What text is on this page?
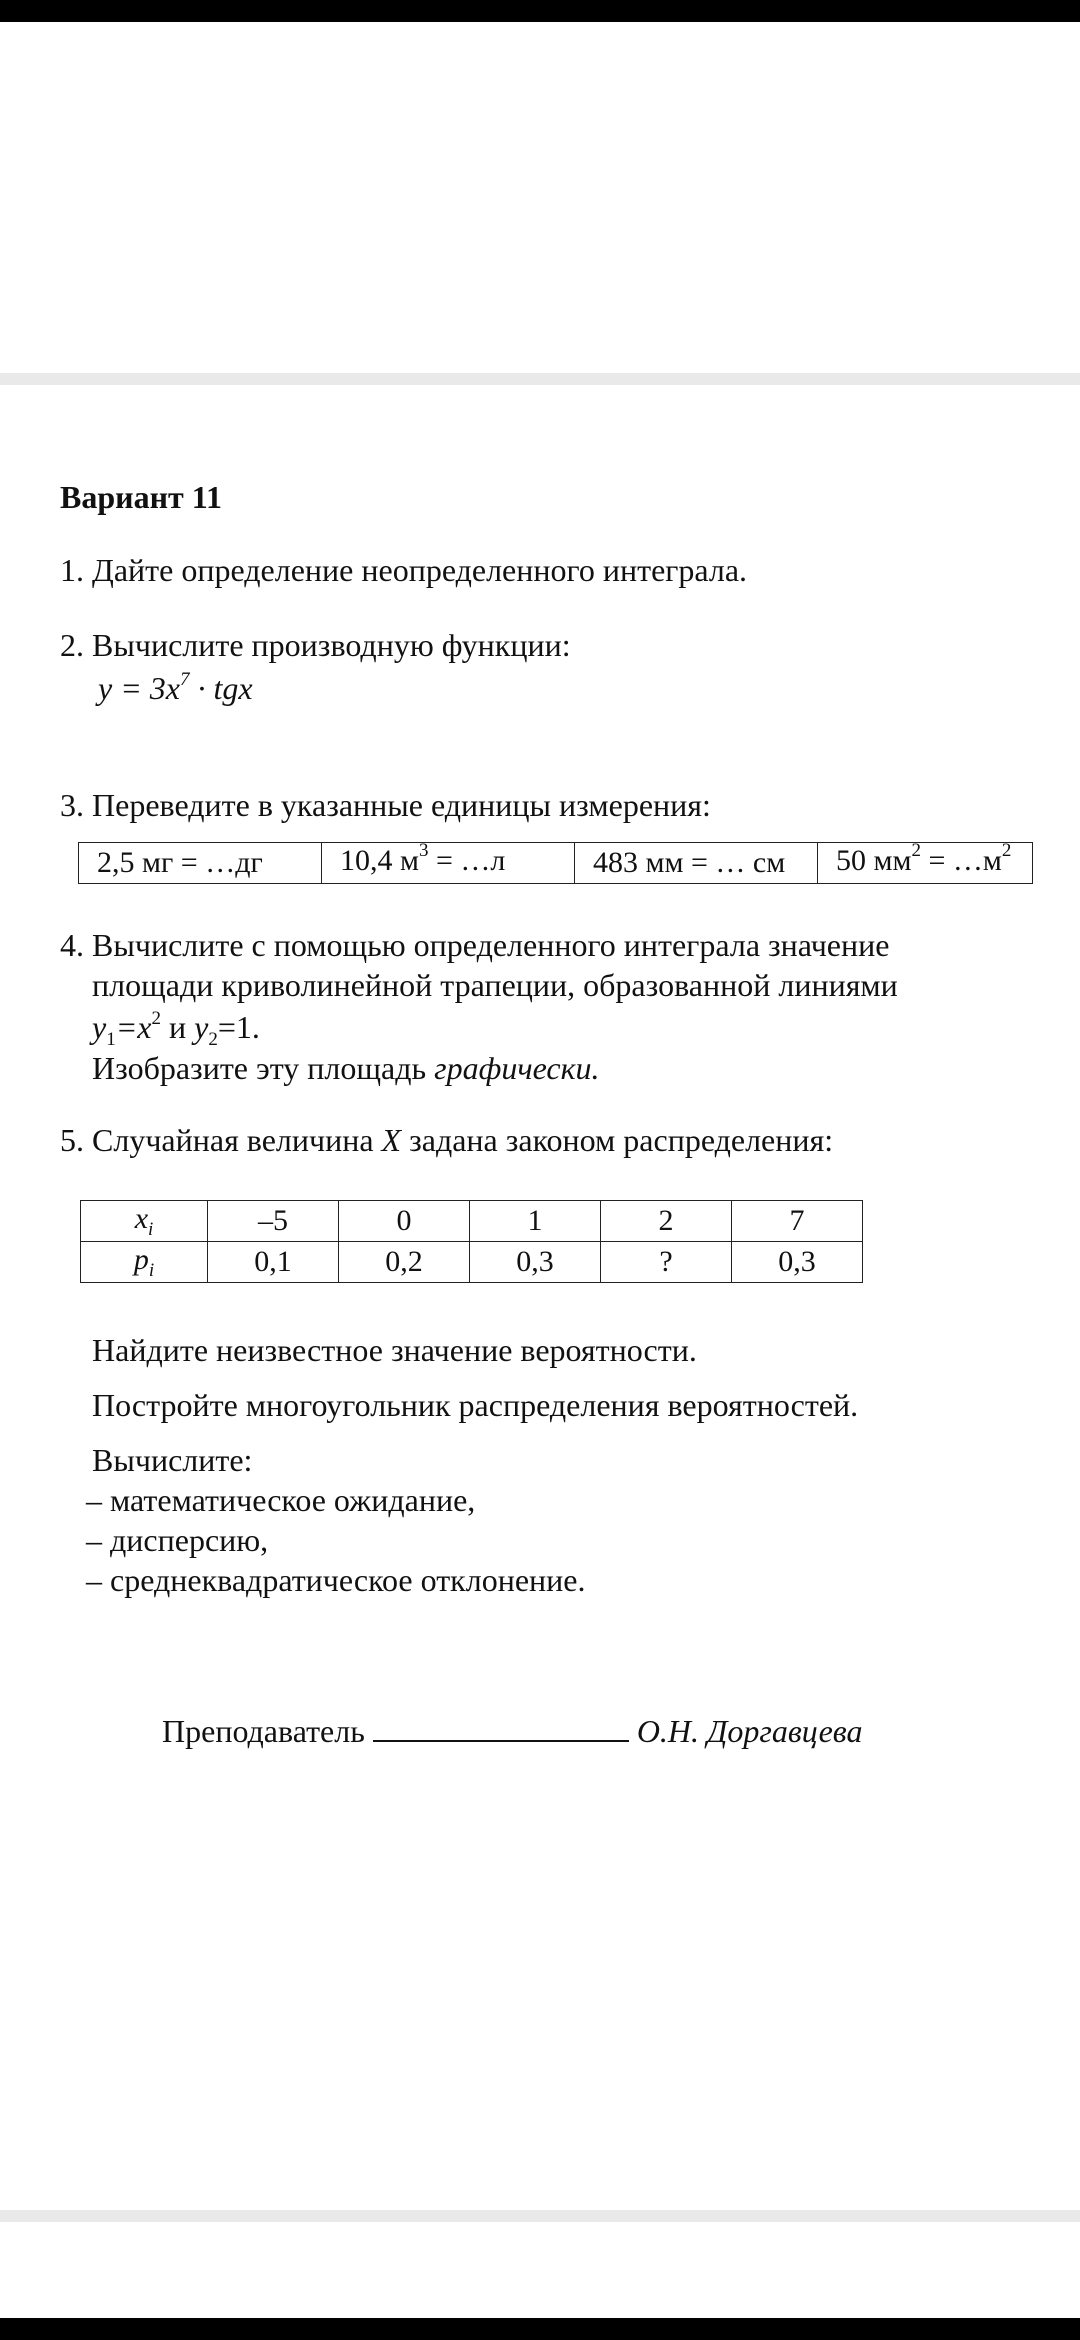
Вариант 11
1. Дайте определение неопределенного интеграла.
2. Вычислите производную функции:
$y = 3x^7$ · tgx
3. Переведите в указанные единицы измерения:
2,5 мг = …дг	10,4 $м^3$ = …л	483 мм = … см	50 $мм^2$ = $\dots м^2$
4. Вычислите с помощью определенного интеграла значение
площади криволинейной трапеции, образованной линиями
$y_1=x^2$ и $y_2=1$.
Изобразите эту площадь графически.
5. Случайная величина X задана законом распределения:
$x_i$	–5	0	1	2	7
$p_i$	0,1	0,2	0,3	?	0,3
Найдите неизвестное значение вероятности.
Постройте многоугольник распределения вероятностей.
Вычислите:
– математическое ожидание,
– дисперсию,
– среднеквадратическое отклонение.
Преподаватель	О.Н. Доргавцева
